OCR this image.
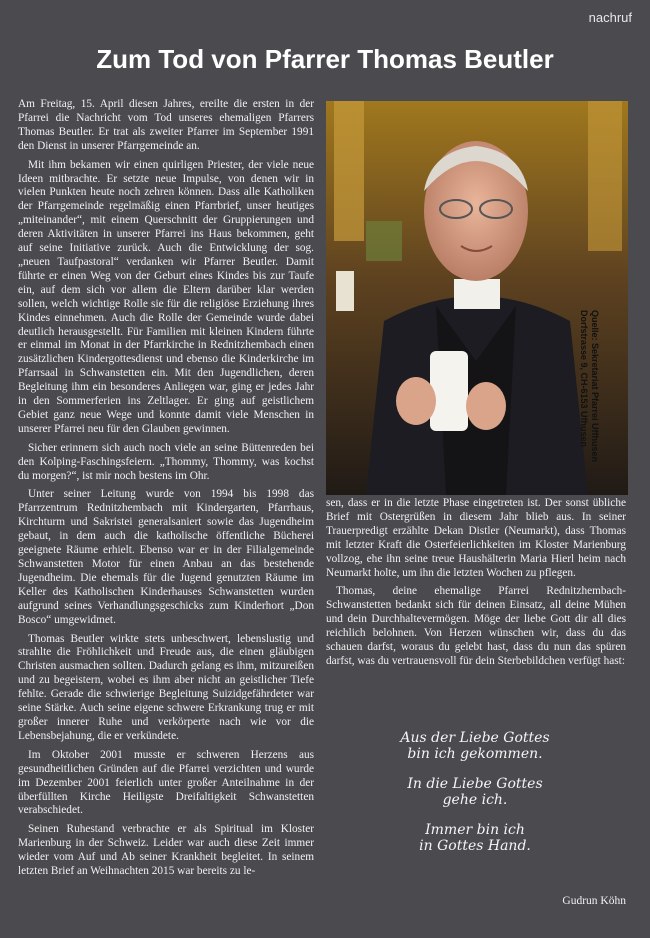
nachruf
Zum Tod von Pfarrer Thomas Beutler

Am Freitag, 15. April diesen Jahres, ereilte die ersten in der Pfarrei die Nachricht vom Tod unseres ehemaligen Pfarrers Thomas Beutler. Er trat als zweiter Pfarrer im September 1991 den Dienst in unserer Pfarrgemeinde an.

Mit ihm bekamen wir einen quirligen Priester, der viele neue Ideen mitbrachte. Er setzte neue Impulse, von denen wir in vielen Punkten heute noch zehren können. Dass alle Katholiken der Pfarrgemeinde regelmäßig einen Pfarrbrief, unser heutiges „miteinander“, mit einem Querschnitt der Gruppierungen und deren Aktivitäten in unserer Pfarrei ins Haus bekommen, geht auf seine Initiative zurück. Auch die Entwicklung der sog. „neuen Taufpastoral“ verdanken wir Pfarrer Beutler. Damit führte er einen Weg von der Geburt eines Kindes bis zur Taufe ein, auf dem sich vor allem die Eltern darüber klar werden sollen, welch wichtige Rolle sie für die religiöse Erziehung ihres Kindes einnehmen. Auch die Rolle der Gemeinde wurde dabei deutlich herausgestellt. Für Familien mit kleinen Kindern führte er einmal im Monat in der Pfarrkirche in Rednitzhembach einen zusätzlichen Kindergottesdienst und ebenso die Kinderkirche im Pfarrsaal in Schwanstetten ein. Mit den Jugendlichen, deren Begleitung ihm ein besonderes Anliegen war, ging er jedes Jahr in den Sommerferien ins Zeltlager. Er ging auf geistlichem Gebiet ganz neue Wege und konnte damit viele Menschen in unserer Pfarrei neu für den Glauben gewinnen.

Sicher erinnern sich auch noch viele an seine Büttenreden bei den Kolping-Faschingsfeiern. „Thommy, Thommy, was kochst du morgen?“, ist mir noch bestens im Ohr.

Unter seiner Leitung wurde von 1994 bis 1998 das Pfarrzentrum Rednitzhembach mit Kindergarten, Pfarrhaus, Kirchturm und Sakristei generalsaniert sowie das Jugendheim gebaut, in dem auch die katholische öffentliche Bücherei geeignete Räume erhielt. Ebenso war er in der Filialgemeinde Schwanstetten Motor für einen Anbau an das bestehende Jugendheim. Die ehemals für die Jugend genutzten Räume im Keller des Katholischen Kinderhauses Schwanstetten wurden aufgrund seines Verhandlungsgeschicks zum Kinderhort „Don Bosco“ umgewidmet.

Thomas Beutler wirkte stets unbeschwert, lebenslustig und strahlte die Fröhlichkeit und Freude aus, die einen gläubigen Christen ausmachen sollten. Dadurch gelang es ihm, mitzureißen und zu begeistern, wobei es ihm aber nicht an geistlicher Tiefe fehlte. Gerade die schwierige Begleitung Suizidgefährdeter war seine Stärke. Auch seine eigene schwere Erkrankung trug er mit großer innerer Ruhe und verkörperte nach wie vor die Lebensbejahung, die er verkündete.

Im Oktober 2001 musste er schweren Herzens aus gesundheitlichen Gründen auf die Pfarrei verzichten und wurde im Dezember 2001 feierlich unter großer Anteilnahme in der überfüllten Kirche Heiligste Dreifaltigkeit Schwanstetten verabschiedet.

Seinen Ruhestand verbrachte er als Spiritual im Kloster Marienburg in der Schweiz. Leider war auch diese Zeit immer wieder vom Auf und Ab seiner Krankheit begleitet. In seinem letzten Brief an Weihnachten 2015 war bereits zu le-

Quelle: Sekretariat Pfarrei Uffhusen Dorfstrasse 9, CH-6153 Ufhusen

sen, dass er in die letzte Phase eingetreten ist. Der sonst übliche Brief mit Ostergrüßen in diesem Jahr blieb aus. In seiner Trauerpredigt erzählte Dekan Distler (Neumarkt), dass Thomas mit letzter Kraft die Osterfeierlichkeiten im Kloster Marienburg vollzog, ehe ihn seine treue Haushälterin Maria Hierl heim nach Neumarkt holte, um ihn die letzten Wochen zu pflegen.

Thomas, deine ehemalige Pfarrei Rednitzhembach-Schwanstetten bedankt sich für deinen Einsatz, all deine Mühen und dein Durchhaltevermögen. Möge der liebe Gott dir all dies reichlich belohnen. Von Herzen wünschen wir, dass du das schauen darfst, woraus du gelebt hast, dass du nun das spüren darfst, was du vertrauensvoll für dein Sterbebildchen verfügt hast:

Aus der Liebe Gottes
bin ich gekommen.
In die Liebe Gottes
gehe ich.
Immer bin ich
in Gottes Hand.
Gudrun Köhn
